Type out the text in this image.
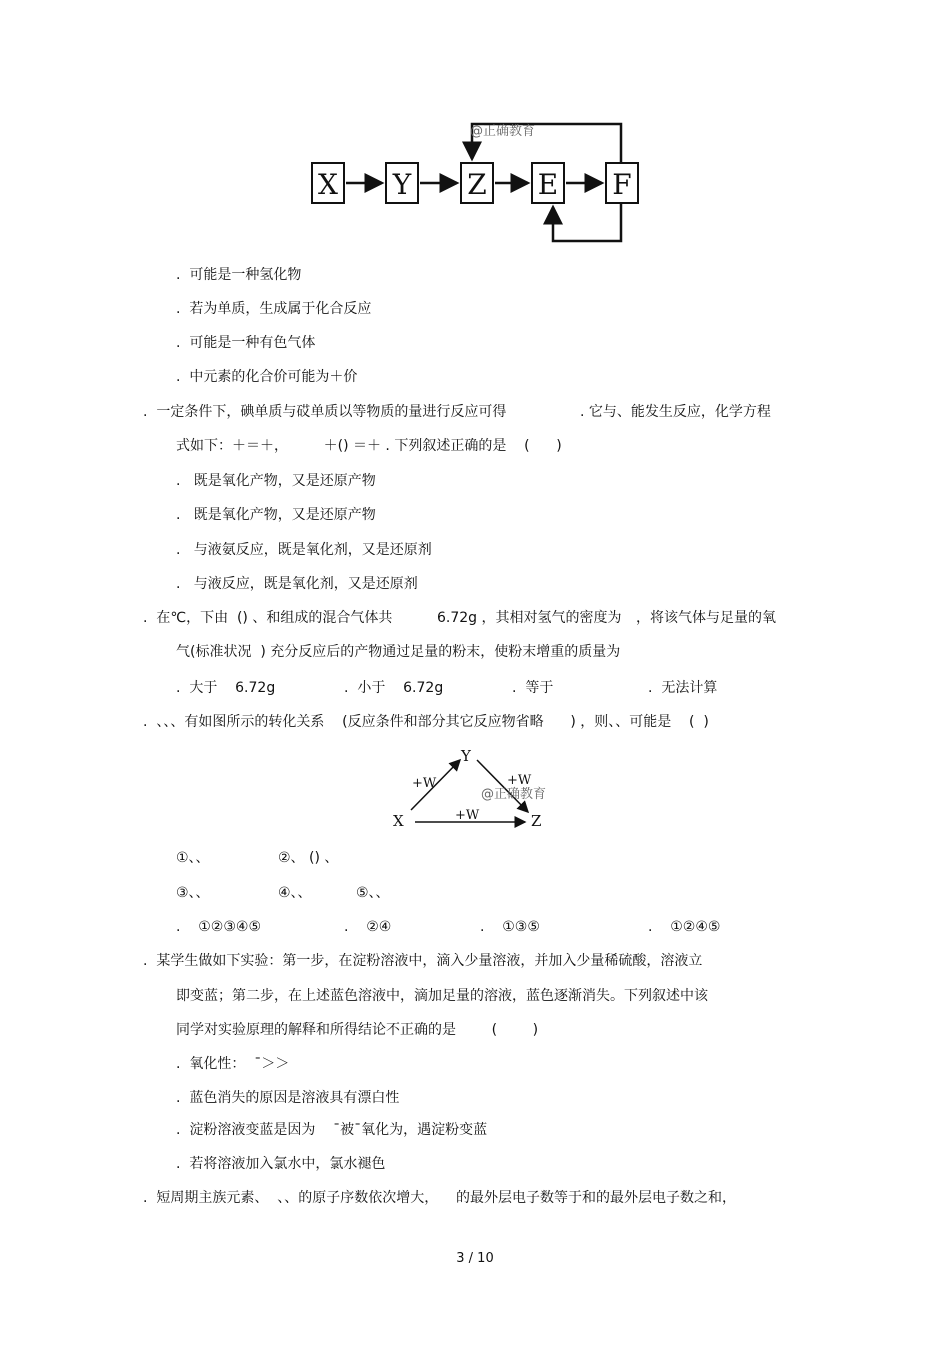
X Y Z E F
@正确教育
.  可能是一种氢化物
.  若为单质，生成属于化合反应
.  可能是一种有色气体
.  中元素的化合价可能为＋价
.  一定条件下，碘单质与砹单质以等物质的量进行反应可得	. 它与、能发生反应，化学方程
式如下：＋＝＋，        ＋() ＝＋ . 下列叙述正确的是    (      )
.   既是氧化产物，又是还原产物
.   既是氧化产物，又是还原产物
.   与液氨反应，既是氧化剂，又是还原剂
.   与液反应，既是氧化剂，又是还原剂
.  在℃，下由  () 、和组成的混合气体共	6.72g ，其相对氢气的密度为 ，将该气体与足量的氧
气(标准状况  ) 充分反应后的产物通过足量的粉末，使粉末增重的质量为
.  大于    6.72g	.  小于    6.72g	.  等于	.  无法计算
.  、、、有如图所示的转化关系    (反应条件和部分其它反应物省略      ) ，则、、可能是    (  )
X
Y
Z
+W	+W
+W
@正确教育
①、、	②、 () 、
③、、	④、、	⑤、、
.    ①②③④⑤	.    ②④	.    ①③⑤	.    ①②④⑤
.  某学生做如下实验：第一步，在淀粉溶液中，滴入少量溶液，并加入少量稀硫酸，溶液立
即变蓝；第二步，在上述蓝色溶液中，滴加足量的溶液，蓝色逐渐消失。下列叙述中该
同学对实验原理的解释和所得结论不正确的是        (        )
.  氧化性：  ¯＞＞
.  蓝色消失的原因是溶液具有漂白性
.  淀粉溶液变蓝是因为    ¯被¯氧化为，遇淀粉变蓝
.  若将溶液加入氯水中，氯水褪色
.  短周期主族元素、  、、的原子序数依次增大，    的最外层电子数等于和的最外层电子数之和，
3 / 10
